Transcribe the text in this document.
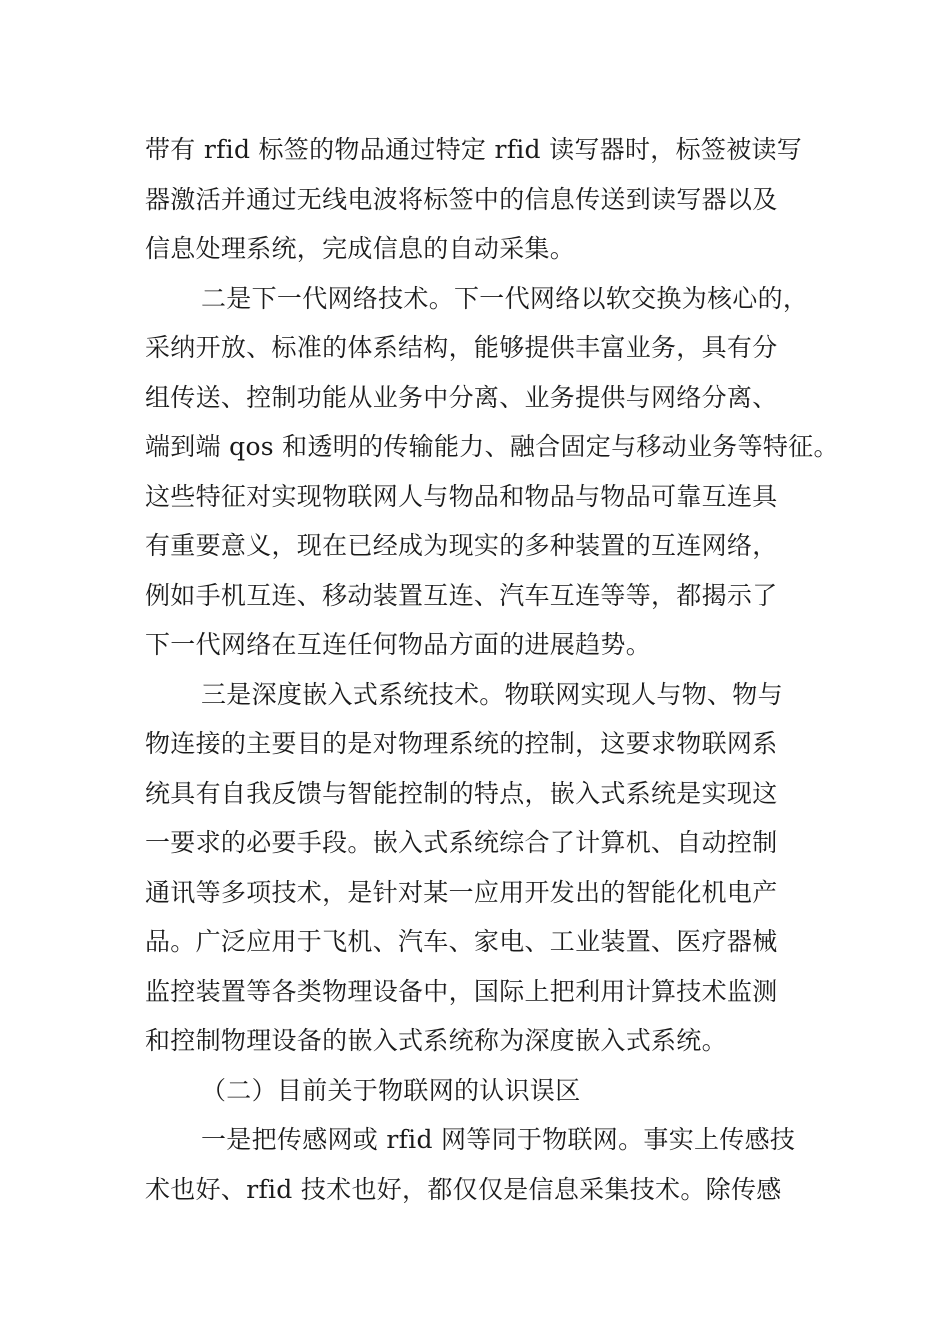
带有 rfid 标签的物品通过特定 rfid 读写器时，标签被读写
器激活并通过无线电波将标签中的信息传送到读写器以及
信息处理系统，完成信息的自动采集。
二是下一代网络技术。下一代网络以软交换为核心的，
采纳开放、标准的体系结构，能够提供丰富业务，具有分
组传送、控制功能从业务中分离、业务提供与网络分离、
端到端 qos 和透明的传输能力、融合固定与移动业务等特征。
这些特征对实现物联网人与物品和物品与物品可靠互连具
有重要意义，现在已经成为现实的多种装置的互连网络，
例如手机互连、移动装置互连、汽车互连等等，都揭示了
下一代网络在互连任何物品方面的进展趋势。
三是深度嵌入式系统技术。物联网实现人与物、物与
物连接的主要目的是对物理系统的控制，这要求物联网系
统具有自我反馈与智能控制的特点，嵌入式系统是实现这
一要求的必要手段。嵌入式系统综合了计算机、自动控制
通讯等多项技术，是针对某一应用开发出的智能化机电产
品。广泛应用于飞机、汽车、家电、工业装置、医疗器械
监控装置等各类物理设备中，国际上把利用计算技术监测
和控制物理设备的嵌入式系统称为深度嵌入式系统。
（二）目前关于物联网的认识误区
一是把传感网或 rfid 网等同于物联网。事实上传感技
术也好、rfid 技术也好，都仅仅是信息采集技术。除传感
